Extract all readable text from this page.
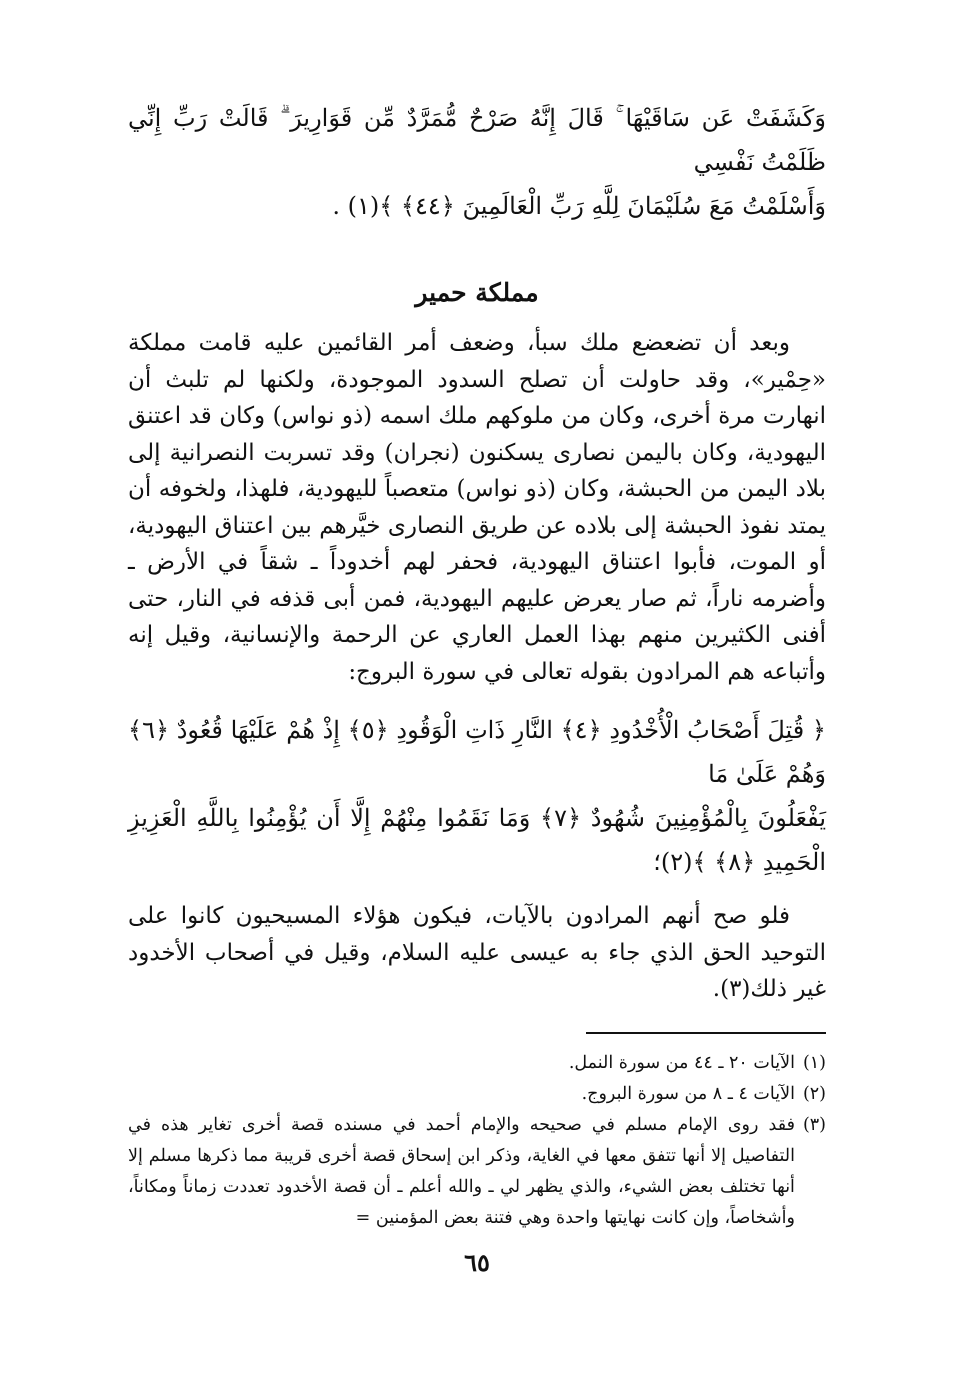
وَكَشَفَتْ عَن سَاقَيْهَا ۚ قَالَ إِنَّهُ صَرْحٌ مُّمَرَّدٌ مِّن قَوَارِيرَ ۗ قَالَتْ رَبِّ إِنِّي ظَلَمْتُ نَفْسِي

وَأَسْلَمْتُ مَعَ سُلَيْمَانَ لِلَّهِ رَبِّ الْعَالَمِينَ ﴿٤٤﴾ ﴾(١) .

مملكة حمير

وبعد أن تضعضع ملك سبأ، وضعف أمر القائمين عليه قامت مملكة «حِمْير»، وقد حاولت أن تصلح السدود الموجودة، ولكنها لم تلبث أن انهارت مرة أخرى، وكان من ملوكهم ملك اسمه (ذو نواس) وكان قد اعتنق اليهودية، وكان باليمن نصارى يسكنون (نجران) وقد تسربت النصرانية إلى بلاد اليمن من الحبشة، وكان (ذو نواس) متعصباً لليهودية، فلهذا، ولخوفه أن يمتد نفوذ الحبشة إلى بلاده عن طريق النصارى خيَّرهم بين اعتناق اليهودية، أو الموت، فأبوا اعتناق اليهودية، فحفر لهم أخدوداً ـ شقاً في الأرض ـ وأضرمه ناراً، ثم صار يعرض عليهم اليهودية، فمن أبى قذفه في النار، حتى أفنى الكثيرين منهم بهذا العمل العاري عن الرحمة والإنسانية، وقيل إنه وأتباعه هم المرادون بقوله تعالى في سورة البروج:

﴿ قُتِلَ أَصْحَابُ الْأُخْدُودِ ﴿٤﴾ النَّارِ ذَاتِ الْوَقُودِ ﴿٥﴾ إِذْ هُمْ عَلَيْهَا قُعُودٌ ﴿٦﴾ وَهُمْ عَلَىٰ مَا

يَفْعَلُونَ بِالْمُؤْمِنِينَ شُهُودٌ ﴿٧﴾ وَمَا نَقَمُوا مِنْهُمْ إِلَّا أَن يُؤْمِنُوا بِاللَّهِ الْعَزِيزِ الْحَمِيدِ ﴿٨﴾ ﴾(٢)؛

فلو صح أنهم المرادون بالآيات، فيكون هؤلاء المسيحيون كانوا على التوحيد الحق الذي جاء به عيسى عليه السلام، وقيل في أصحاب الأخدود غير ذلك(٣).

(١)
الآيات ٢٠ ـ ٤٤ من سورة النمل.
(٢)
الآيات ٤ ـ ٨ من سورة البروج.
(٣)
فقد روى الإمام مسلم في صحيحه والإمام أحمد في مسنده قصة أخرى تغاير هذه في التفاصيل إلا أنها تتفق معها في الغاية، وذكر ابن إسحاق قصة أخرى قريبة مما ذكرها مسلم إلا أنها تختلف بعض الشيء، والذي يظهر لي ـ والله أعلم ـ أن قصة الأخدود تعددت زماناً ومكاناً، وأشخاصاً، وإن كانت نهايتها واحدة وهي فتنة بعض المؤمنين =
٦٥
